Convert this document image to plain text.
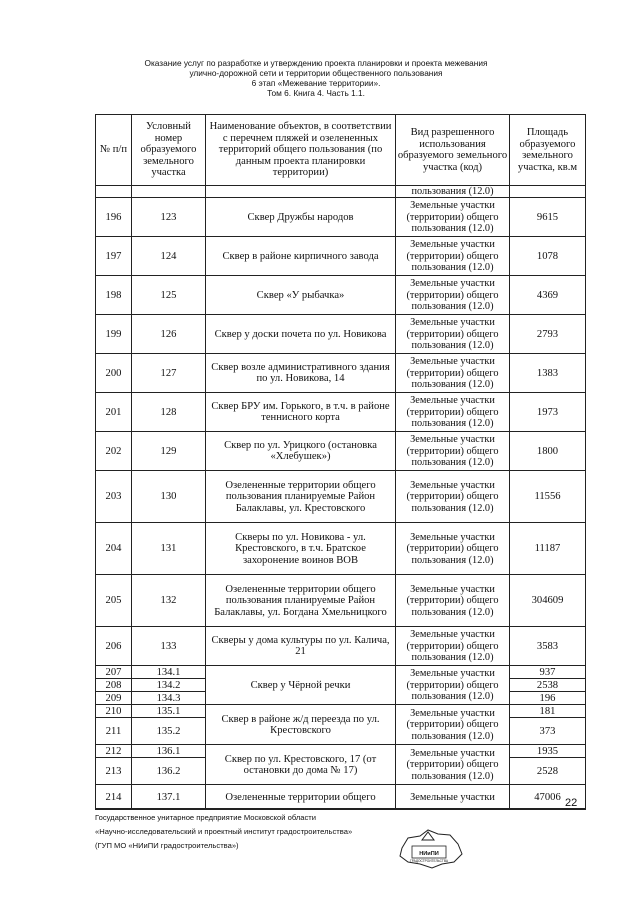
Оказание услуг по разработке и утверждению проекта планировки и проекта межевания
улично-дорожной сети и территории общественного пользования
6 этап «Межевание территории».
Том 6. Книга 4. Часть 1.1.
№ п/п	Условный номер образуемого земельного участка	Наименование объектов, в соответствии с перечнем пляжей и озелененных территорий общего пользования (по данным проекта планировки территории)	Вид разрешенного использования образуемого земельного участка (код)	Площадь образуемого земельного участка, кв.м
			пользования (12.0)	
196	123	Сквер Дружбы народов	Земельные участки (территории) общего пользования (12.0)	9615
197	124	Сквер в районе кирпичного завода	Земельные участки (территории) общего пользования (12.0)	1078
198	125	Сквер «У рыбачка»	Земельные участки (территории) общего пользования (12.0)	4369
199	126	Сквер у доски почета по ул. Новикова	Земельные участки (территории) общего пользования (12.0)	2793
200	127	Сквер возле административного здания по ул. Новикова, 14	Земельные участки (территории) общего пользования (12.0)	1383
201	128	Сквер БРУ им. Горького, в т.ч. в районе теннисного корта	Земельные участки (территории) общего пользования (12.0)	1973
202	129	Сквер по ул. Урицкого (остановка «Хлебушек»)	Земельные участки (территории) общего пользования (12.0)	1800
203	130	Озелененные территории общего пользования планируемые Район Балаклавы, ул. Крестовского	Земельные участки (территории) общего пользования (12.0)	11556
204	131	Скверы по ул. Новикова - ул. Крестовского, в т.ч. Братское захоронение воинов ВОВ	Земельные участки (территории) общего пользования (12.0)	11187
205	132	Озелененные территории общего пользования планируемые Район Балаклавы, ул. Богдана Хмельницкого	Земельные участки (территории) общего пользования (12.0)	304609
206	133	Скверы у дома культуры по ул. Калича, 21	Земельные участки (территории) общего пользования (12.0)	3583
207	134.1	Сквер у Чёрной речки	Земельные участки (территории) общего пользования (12.0)	937
208	134.2			2538
209	134.3			196
210	135.1	Сквер в районе ж/д переезда по ул. Крестовского	Земельные участки (территории) общего пользования (12.0)	181
211	135.2			373
212	136.1	Сквер по ул. Крестовского, 17 (от остановки до дома № 17)	Земельные участки (территории) общего пользования (12.0)	1935
213	136.2			2528
214	137.1	Озелененные территории общего	Земельные участки	47006 22
Государственное унитарное предприятие Московской области
«Научно-исследовательский и проектный институт градостроительства»
(ГУП МО «НИиПИ градостроительства»)
НИиПИ
ГРАДОСТРОИТЕЛЬСТВА
